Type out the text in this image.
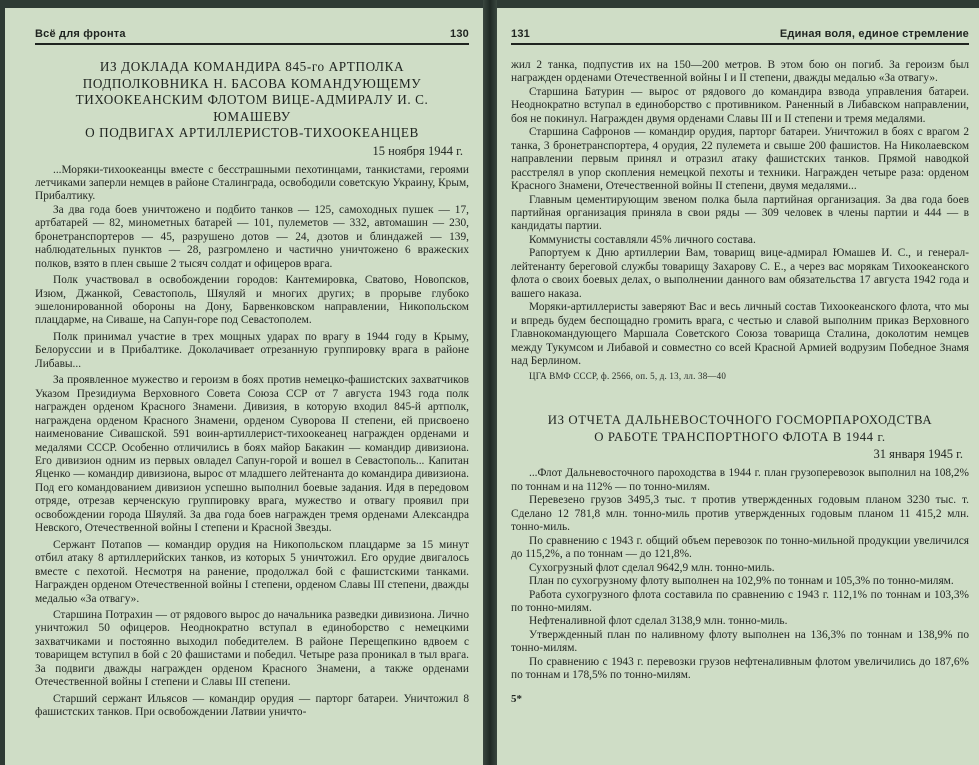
Всё для фронта	130
ИЗ ДОКЛАДА КОМАНДИРА 845-го АРТПОЛКА
ПОДПОЛКОВНИКА Н. БАСОВА КОМАНДУЮЩЕМУ
ТИХООКЕАНСКИМ ФЛОТОМ ВИЦЕ-АДМИРАЛУ И. С. ЮМАШЕВУ
О ПОДВИГАХ АРТИЛЛЕРИСТОВ-ТИХООКЕАНЦЕВ
15 ноября 1944 г.

...Моряки-тихоокеанцы вместе с бесстрашными пехотинцами, танкистами, героями летчиками заперли немцев в районе Сталинграда, освободили советскую Украину, Крым, Прибалтику.

За два года боев уничтожено и подбито танков — 125, самоходных пушек — 17, артбатарей — 82, минометных батарей — 101, пулеметов — 332, автомашин — 230, бронетранспортеров — 45, разрушено дотов — 24, дзотов и блиндажей — 139, наблюдательных пунктов — 28, разгромлено и частично уничтожено 6 вражеских полков, взято в плен свыше 2 тысяч солдат и офицеров врага.

Полк участвовал в освобождении городов: Кантемировка, Сватово, Новопсков, Изюм, Джанкой, Севастополь, Шяуляй и многих других; в прорыве глубоко эшелонированной обороны на Дону, Барвенковском направлении, Никопольском плацдарме, на Сиваше, на Сапун-горе под Севастополем.

Полк принимал участие в трех мощных ударах по врагу в 1944 году в Крыму, Белоруссии и в Прибалтике. Доколачивает отрезанную группировку врага в районе Либавы...

За проявленное мужество и героизм в боях против немецко-фашистских захватчиков Указом Президиума Верховного Совета Союза ССР от 7 августа 1943 года полк награжден орденом Красного Знамени. Дивизия, в которую входил 845-й артполк, награждена орденом Красного Знамени, орденом Суворова II степени, ей присвоено наименование Сивашской. 591 воин-артиллерист-тихоокеанец награжден орденами и медалями СССР. Особенно отличились в боях майор Бакакин — командир дивизиона. Его дивизион одним из первых овладел Сапун-горой и вошел в Севастополь... Капитан Яценко — командир дивизиона, вырос от младшего лейтенанта до командира дивизиона. Под его командованием дивизион успешно выполнил боевые задания. Идя в передовом отряде, отрезав керченскую группировку врага, мужество и отвагу проявил при освобождении города Шяуляй. За два года боев награжден тремя орденами Александра Невского, Отечественной войны I степени и Красной Звезды.

Сержант Потапов — командир орудия на Никопольском плацдарме за 15 минут отбил атаку 8 артиллерийских танков, из которых 5 уничтожил. Его орудие двигалось вместе с пехотой. Несмотря на ранение, продолжал бой с фашистскими танками. Награжден орденом Отечественной войны I степени, орденом Славы III степени, дважды медалью «За отвагу».

Старшина Потрахин — от рядового вырос до начальника разведки дивизиона. Лично уничтожил 50 офицеров. Неоднократно вступал в единоборство с немецкими захватчиками и постоянно выходил победителем. В районе Перещепкино вдвоем с товарищем вступил в бой с 20 фашистами и победил. Четыре раза проникал в тыл врага. За подвиги дважды награжден орденом Красного Знамени, а также орденами Отечественной войны I степени и Славы III степени.

Старший сержант Ильясов — командир орудия — парторг батареи. Уничтожил 8 фашистских танков. При освобождении Латвии уничто-

131	Единая воля, единое стремление

жил 2 танка, подпустив их на 150—200 метров. В этом бою он погиб. За героизм был награжден орденами Отечественной войны I и II степени, дважды медалью «За отвагу».

Старшина Батурин — вырос от рядового до командира взвода управления батареи. Неоднократно вступал в единоборство с противником. Раненный в Либавском направлении, боя не покинул. Награжден двумя орденами Славы III и II степени и тремя медалями.

Старшина Сафронов — командир орудия, парторг батареи. Уничтожил в боях с врагом 2 танка, 3 бронетранспортера, 4 орудия, 22 пулемета и свыше 200 фашистов. На Николаевском направлении первым принял и отразил атаку фашистских танков. Прямой наводкой расстрелял в упор скопления немецкой пехоты и техники. Награжден четыре раза: орденом Красного Знамени, Отечественной войны II степени, двумя медалями...

Главным цементирующим звеном полка была партийная организация. За два года боев партийная организация приняла в свои ряды — 309 человек в члены партии и 444 — в кандидаты партии.

Коммунисты составляли 45% личного состава.

Рапортуем к Дню артиллерии Вам, товарищ вице-адмирал Юмашев И. С., и генерал-лейтенанту береговой службы товарищу Захарову С. Е., а через вас морякам Тихоокеанского флота о своих боевых делах, о выполнении данного вам обязательства 17 августа 1942 года и вашего наказа.

Моряки-артиллеристы заверяют Вас и весь личный состав Тихоокеанского флота, что мы и впредь будем беспощадно громить врага, с честью и славой выполним приказ Верховного Главнокомандующего Маршала Советского Союза товарища Сталина, доколотим немцев между Тукумсом и Либавой и совместно со всей Красной Армией водрузим Победное Знамя над Берлином.

ЦГА ВМФ СССР, ф. 2566, оп. 5, д. 13, лл. 38—40
ИЗ ОТЧЕТА ДАЛЬНЕВОСТОЧНОГО ГОСМОРПАРОХОДСТВА
О РАБОТЕ ТРАНСПОРТНОГО ФЛОТА В 1944 г.
31 января 1945 г.

...Флот Дальневосточного пароходства в 1944 г. план грузоперевозок выполнил на 108,2% по тоннам и на 112% — по тонно-милям.

Перевезено грузов 3495,3 тыс. т против утвержденных годовым планом 3230 тыс. т. Сделано 12 781,8 млн. тонно-миль против утвержденных годовым планом 11 415,2 млн. тонно-миль.

По сравнению с 1943 г. общий объем перевозок по тонно-мильной продукции увеличился до 115,2%, а по тоннам — до 121,8%.

Сухогрузный флот сделал 9642,9 млн. тонно-миль.

План по сухогрузному флоту выполнен на 102,9% по тоннам и 105,3% по тонно-милям.

Работа сухогрузного флота составила по сравнению с 1943 г. 112,1% по тоннам и 103,3% по тонно-милям.

Нефтеналивной флот сделал 3138,9 млн. тонно-миль.

Утвержденный план по наливному флоту выполнен на 136,3% по тоннам и 138,9% по тонно-милям.

По сравнению с 1943 г. перевозки грузов нефтеналивным флотом увеличились до 187,6% по тоннам и 178,5% по тонно-милям.

5*
